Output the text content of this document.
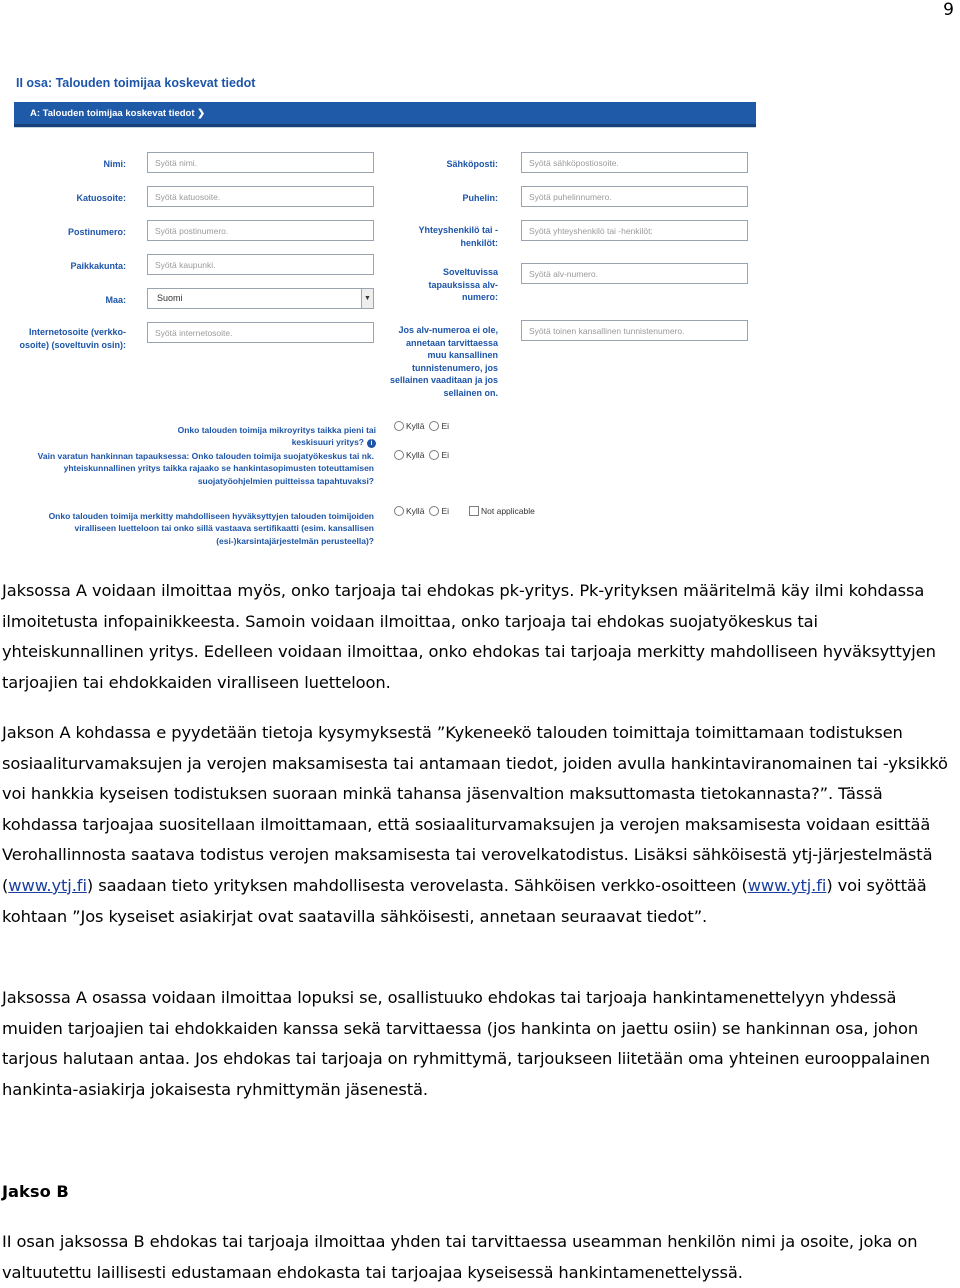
9
II osa: Talouden toimijaa koskevat tiedot
A: Talouden toimijaa koskevat tiedot ❯
Nimi:	Syötä nimi.
Katuosoite:	Syötä katuosoite.
Postinumero:	Syötä postinumero.
Paikkakunta:	Syötä kaupunki.
Maa:	Suomi	▼
Internetosoite (verkko-osoite) (soveltuvin osin):
Syötä internetosoite.
Sähköposti:	Syötä sähköpostiosoite.
Puhelin:	Syötä puhelinnumero.
Yhteyshenkilö tai -henkilöt:
Syötä yhteyshenkilö tai -henkilöt:
Soveltuvissa tapauksissa alv-numero:
Syötä alv-numero.
Jos alv-numeroa ei ole, annetaan tarvittaessa muu kansallinen tunnistenumero, jos sellainen vaaditaan ja jos sellainen on.
Syötä toinen kansallinen tunnistenumero.
Onko talouden toimija mikroyritys taikka pieni tai keskisuuri yritys? i
Kyllä Ei
Vain varatun hankinnan tapauksessa: Onko talouden toimija suojatyökeskus tai nk. yhteiskunnallinen yritys taikka rajaako se hankintasopimusten toteuttamisen suojatyöohjelmien puitteissa tapahtuvaksi?
Kyllä Ei
Onko talouden toimija merkitty mahdolliseen hyväksyttyjen talouden toimijoiden viralliseen luetteloon tai onko sillä vastaava sertifikaatti (esim. kansallisen (esi-)karsintajärjestelmän perusteella)?
Kyllä Ei	Not applicable

Jaksossa A voidaan ilmoittaa myös, onko tarjoaja tai ehdokas pk-yritys. Pk-yrityksen määritelmä käy ilmi kohdassa ilmoitetusta infopainikkeesta. Samoin voidaan ilmoittaa, onko tarjoaja tai ehdokas suojatyökeskus tai yhteiskunnallinen yritys. Edelleen voidaan ilmoittaa, onko ehdokas tai tarjoaja merkitty mahdolliseen hyväksyttyjen tarjoajien tai ehdokkaiden viralliseen luetteloon.

Jakson A kohdassa e pyydetään tietoja kysymyksestä ”Kykeneekö talouden toimittaja toimittamaan todistuksen sosiaaliturvamaksujen ja verojen maksamisesta tai antamaan tiedot, joiden avulla hankintaviranomainen tai -yksikkö voi hankkia kyseisen todistuksen suoraan minkä tahansa jäsenvaltion maksuttomasta tietokannasta?”. Tässä kohdassa tarjoajaa suositellaan ilmoittamaan, että sosiaaliturvamaksujen ja verojen maksamisesta voidaan esittää Verohallinnosta saatava todistus verojen maksamisesta tai verovelkatodistus. Lisäksi sähköisestä ytj-järjestelmästä (www.ytj.fi) saadaan tieto yrityksen mahdollisesta verovelasta. Sähköisen verkko-osoitteen (www.ytj.fi) voi syöttää kohtaan ”Jos kyseiset asiakirjat ovat saatavilla sähköisesti, annetaan seuraavat tiedot”.

Jaksossa A osassa voidaan ilmoittaa lopuksi se, osallistuuko ehdokas tai tarjoaja hankintamenettelyyn yhdessä muiden tarjoajien tai ehdokkaiden kanssa sekä tarvittaessa (jos hankinta on jaettu osiin) se hankinnan osa, johon tarjous halutaan antaa. Jos ehdokas tai tarjoaja on ryhmittymä, tarjoukseen liitetään oma yhteinen eurooppalainen hankinta-asiakirja jokaisesta ryhmittymän jäsenestä.

Jakso B

II osan jaksossa B ehdokas tai tarjoaja ilmoittaa yhden tai tarvittaessa useamman henkilön nimi ja osoite, joka on valtuutettu laillisesti edustamaan ehdokasta tai tarjoajaa kyseisessä hankintamenettelyssä.
